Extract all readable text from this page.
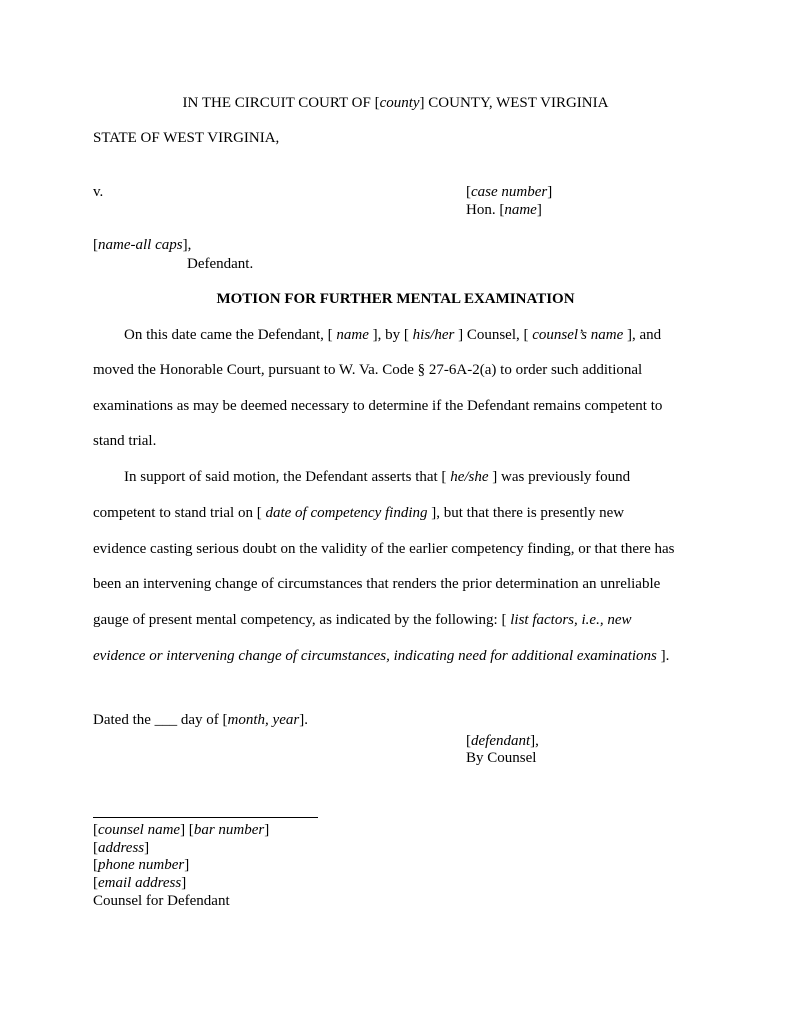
IN THE CIRCUIT COURT OF [county] COUNTY, WEST VIRGINIA
STATE OF WEST VIRGINIA,
v.	[case number]
Hon. [name]
[name-all caps],
Defendant.
MOTION FOR FURTHER MENTAL EXAMINATION
On this date came the Defendant, [ name ], by [ his/her ] Counsel, [ counsel’s name ], and
moved the Honorable Court, pursuant to W. Va. Code § 27-6A-2(a) to order such additional
examinations as may be deemed necessary to determine if the Defendant remains competent to
stand trial.
In support of said motion, the Defendant asserts that [ he/she ] was previously found
competent to stand trial on [ date of competency finding ], but that there is presently new
evidence casting serious doubt on the validity of the earlier competency finding, or that there has
been an intervening change of circumstances that renders the prior determination an unreliable
gauge of present mental competency, as indicated by the following: [ list factors, i.e., new
evidence or intervening change of circumstances, indicating need for additional examinations ].
Dated the ___ day of [month, year].
[defendant],
By Counsel
[counsel name] [bar number]
[address]
[phone number]
[email address]
Counsel for Defendant
